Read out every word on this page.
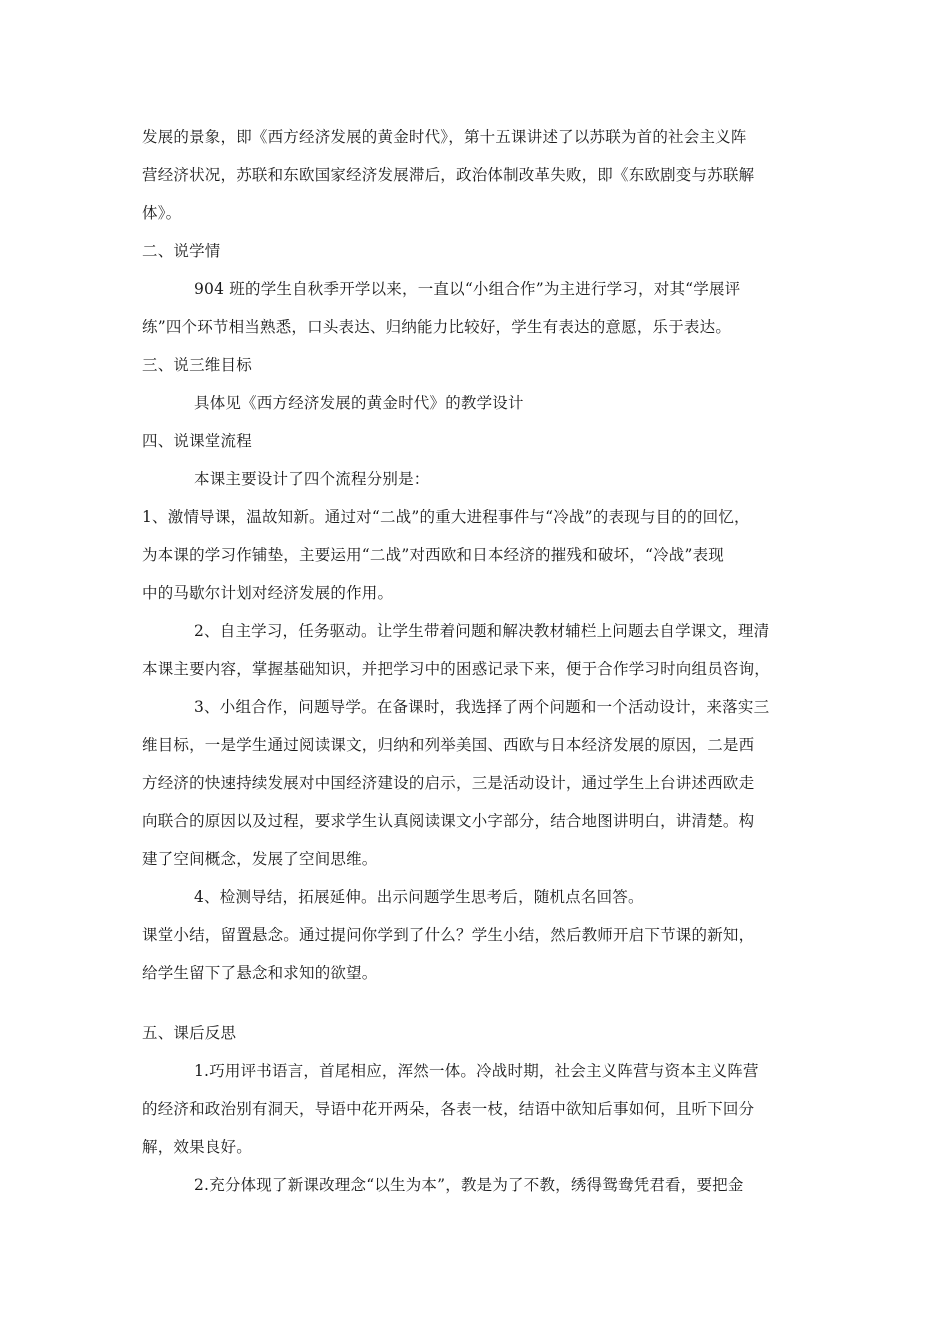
发展的景象，即《西方经济发展的黄金时代》，第十五课讲述了以苏联为首的社会主义阵
营经济状况，苏联和东欧国家经济发展滞后，政治体制改革失败，即《东欧剧变与苏联解
体》。
二、说学情
904 班的学生自秋季开学以来，一直以“小组合作”为主进行学习，对其“学展评
练”四个环节相当熟悉，口头表达、归纳能力比较好，学生有表达的意愿，乐于表达。
三、说三维目标
具体见《西方经济发展的黄金时代》的教学设计
四、说课堂流程
本课主要设计了四个流程分别是：
1、激情导课，温故知新。通过对“二战”的重大进程事件与“冷战”的表现与目的的回忆，
为本课的学习作铺垫，主要运用“二战”对西欧和日本经济的摧残和破坏，“冷战”表现
中的马歇尔计划对经济发展的作用。
2、自主学习，任务驱动。让学生带着问题和解决教材辅栏上问题去自学课文，理清
本课主要内容，掌握基础知识，并把学习中的困惑记录下来，便于合作学习时向组员咨询，
3、小组合作，问题导学。在备课时，我选择了两个问题和一个活动设计，来落实三
维目标，一是学生通过阅读课文，归纳和列举美国、西欧与日本经济发展的原因，二是西
方经济的快速持续发展对中国经济建设的启示，三是活动设计，通过学生上台讲述西欧走
向联合的原因以及过程，要求学生认真阅读课文小字部分，结合地图讲明白，讲清楚。构
建了空间概念，发展了空间思维。
4、检测导结，拓展延伸。出示问题学生思考后，随机点名回答。
课堂小结，留置悬念。通过提问你学到了什么？学生小结，然后教师开启下节课的新知，
给学生留下了悬念和求知的欲望。
五、课后反思
1.巧用评书语言，首尾相应，浑然一体。冷战时期，社会主义阵营与资本主义阵营
的经济和政治别有洞天，导语中花开两朵，各表一枝，结语中欲知后事如何，且听下回分
解，效果良好。
2.充分体现了新课改理念“以生为本”，教是为了不教，绣得鸳鸯凭君看，要把金
